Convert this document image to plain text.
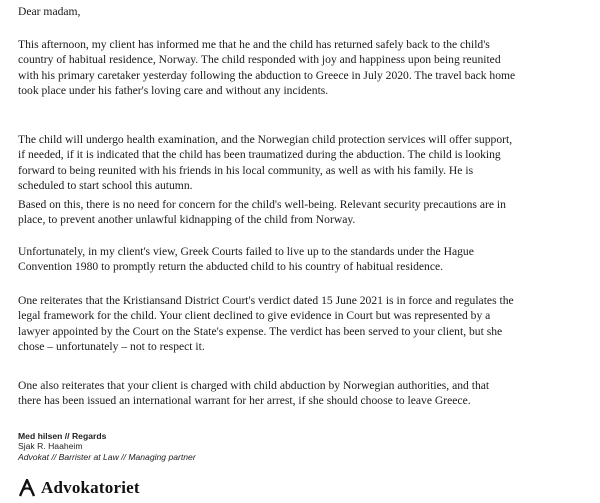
Dear madam,

This afternoon, my client has informed me that he and the child has returned safely back to the child's
country of habitual residence, Norway. The child responded with joy and happiness upon being reunited
with his primary caretaker yesterday following the abduction to Greece in July 2020. The travel back home
took place under his father's loving care and without any incidents.

The child will undergo health examination, and the Norwegian child protection services will offer support,
if needed, if it is indicated that the child has been traumatized during the abduction. The child is looking
forward to being reunited with his friends in his local community, as well as with his family. He is
scheduled to start school this autumn.

Based on this, there is no need for concern for the child's well-being. Relevant security precautions are in
place, to prevent another unlawful kidnapping of the child from Norway.

Unfortunately, in my client's view, Greek Courts failed to live up to the standards under the Hague
Convention 1980 to promptly return the abducted child to his country of habitual residence.

One reiterates that the Kristiansand District Court's verdict dated 15 June 2021 is in force and regulates the
legal framework for the child. Your client declined to give evidence in Court but was represented by a
lawyer appointed by the Court on the State's expense. The verdict has been served to your client, but she
chose – unfortunately – not to respect it.

One also reiterates that your client is charged with child abduction by Norwegian authorities, and that
there has been issued an international warrant for her arrest, if she should choose to leave Greece.

Med hilsen // Regards
Sjak R. Haaheim
Advokat // Barrister at Law // Managing partner
Advokatoriet
